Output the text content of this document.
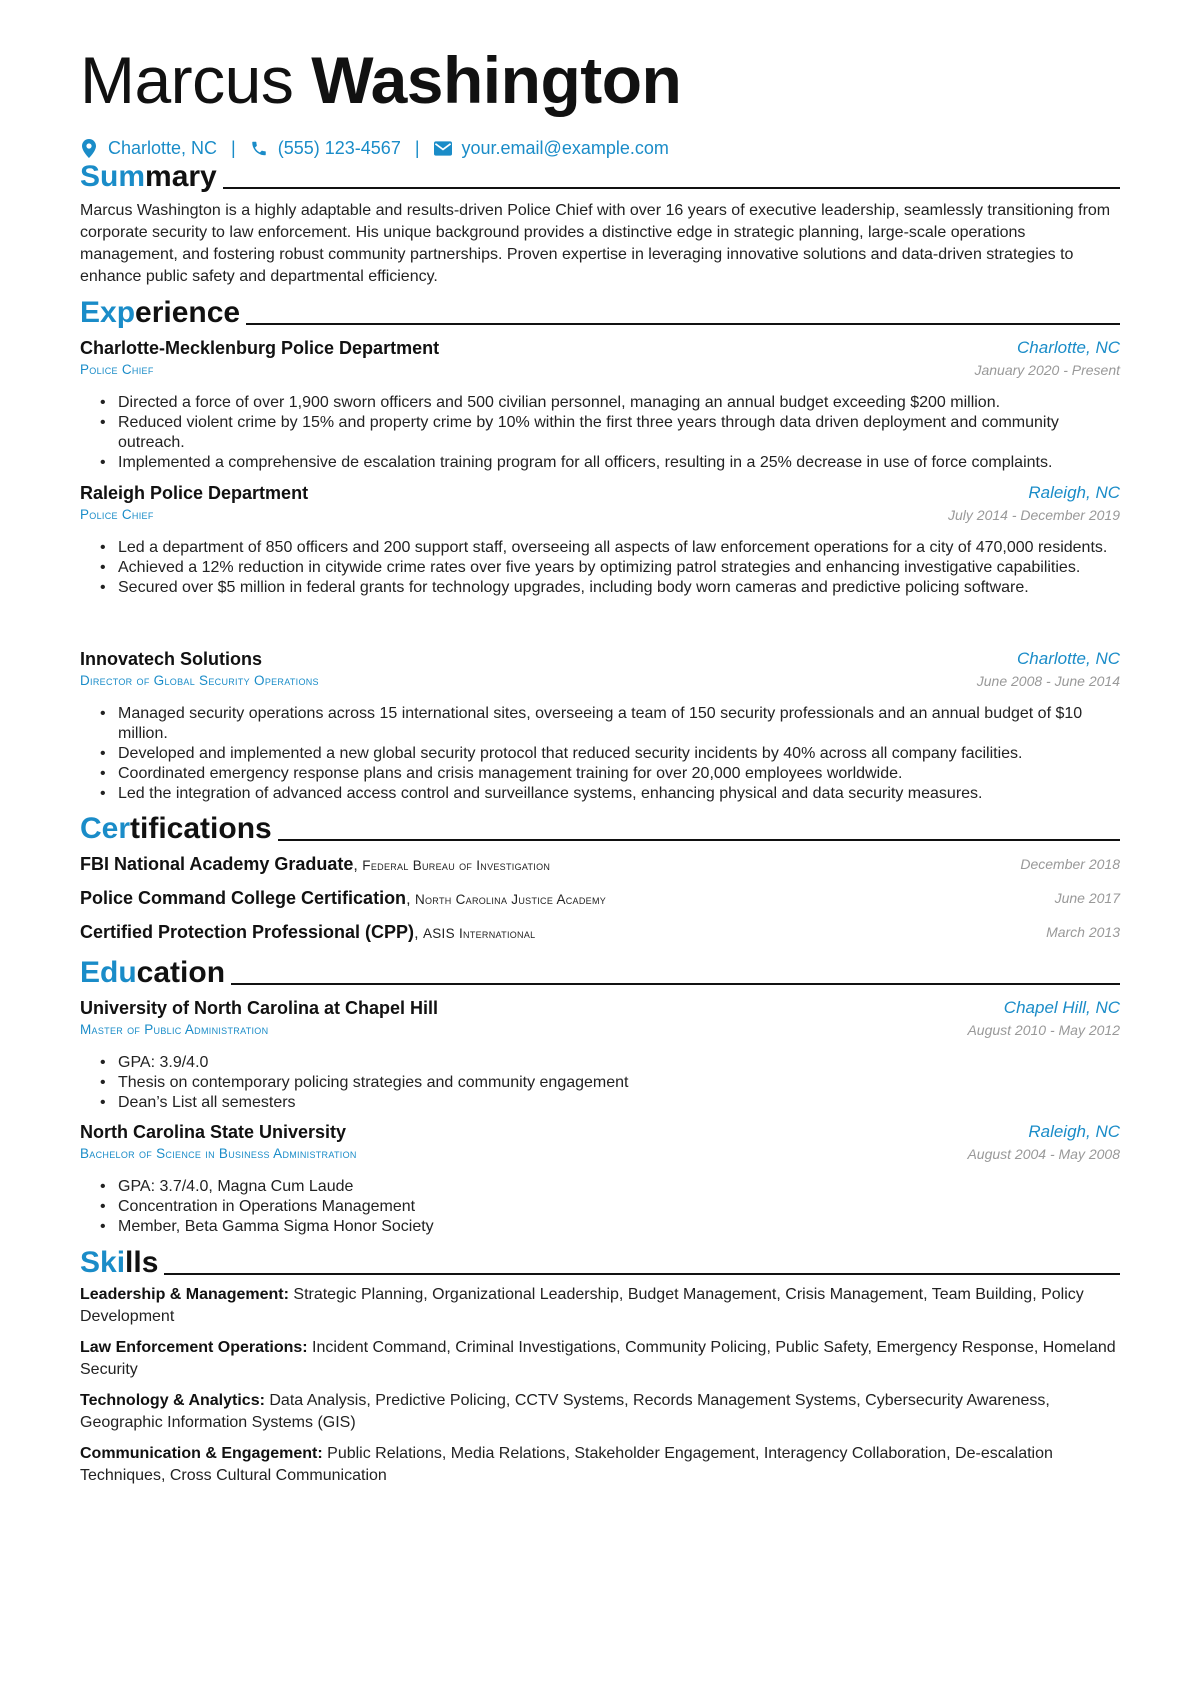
Marcus Washington
Charlotte, NC | (555) 123-4567 | your.email@example.com
Summary
Marcus Washington is a highly adaptable and results-driven Police Chief with over 16 years of executive leadership, seamlessly transitioning from corporate security to law enforcement. His unique background provides a distinctive edge in strategic planning, large-scale operations management, and fostering robust community partnerships. Proven expertise in leveraging innovative solutions and data-driven strategies to enhance public safety and departmental efficiency.
Experience
Charlotte-Mecklenburg Police Department	Charlotte, NC
Police Chief	January 2020 - Present
• Directed a force of over 1,900 sworn officers and 500 civilian personnel, managing an annual budget exceeding $200 million.
• Reduced violent crime by 15% and property crime by 10% within the first three years through data driven deployment and community outreach.
• Implemented a comprehensive de escalation training program for all officers, resulting in a 25% decrease in use of force complaints.
Raleigh Police Department	Raleigh, NC
Police Chief	July 2014 - December 2019
• Led a department of 850 officers and 200 support staff, overseeing all aspects of law enforcement operations for a city of 470,000 residents.
• Achieved a 12% reduction in citywide crime rates over five years by optimizing patrol strategies and enhancing investigative capabilities.
• Secured over $5 million in federal grants for technology upgrades, including body worn cameras and predictive policing software.
Innovatech Solutions	Charlotte, NC
Director of Global Security Operations	June 2008 - June 2014
• Managed security operations across 15 international sites, overseeing a team of 150 security professionals and an annual budget of $10 million.
• Developed and implemented a new global security protocol that reduced security incidents by 40% across all company facilities.
• Coordinated emergency response plans and crisis management training for over 20,000 employees worldwide.
• Led the integration of advanced access control and surveillance systems, enhancing physical and data security measures.
Certifications
FBI National Academy Graduate, Federal Bureau of Investigation	December 2018
Police Command College Certification, North Carolina Justice Academy	June 2017
Certified Protection Professional (CPP), ASIS International	March 2013
Education
University of North Carolina at Chapel Hill	Chapel Hill, NC
Master of Public Administration	August 2010 - May 2012
• GPA: 3.9/4.0
• Thesis on contemporary policing strategies and community engagement
• Dean’s List all semesters
North Carolina State University	Raleigh, NC
Bachelor of Science in Business Administration	August 2004 - May 2008
• GPA: 3.7/4.0, Magna Cum Laude
• Concentration in Operations Management
• Member, Beta Gamma Sigma Honor Society
Skills
Leadership & Management: Strategic Planning, Organizational Leadership, Budget Management, Crisis Management, Team Building, Policy Development
Law Enforcement Operations: Incident Command, Criminal Investigations, Community Policing, Public Safety, Emergency Response, Homeland Security
Technology & Analytics: Data Analysis, Predictive Policing, CCTV Systems, Records Management Systems, Cybersecurity Awareness, Geographic Information Systems (GIS)
Communication & Engagement: Public Relations, Media Relations, Stakeholder Engagement, Interagency Collaboration, De-escalation Techniques, Cross Cultural Communication
